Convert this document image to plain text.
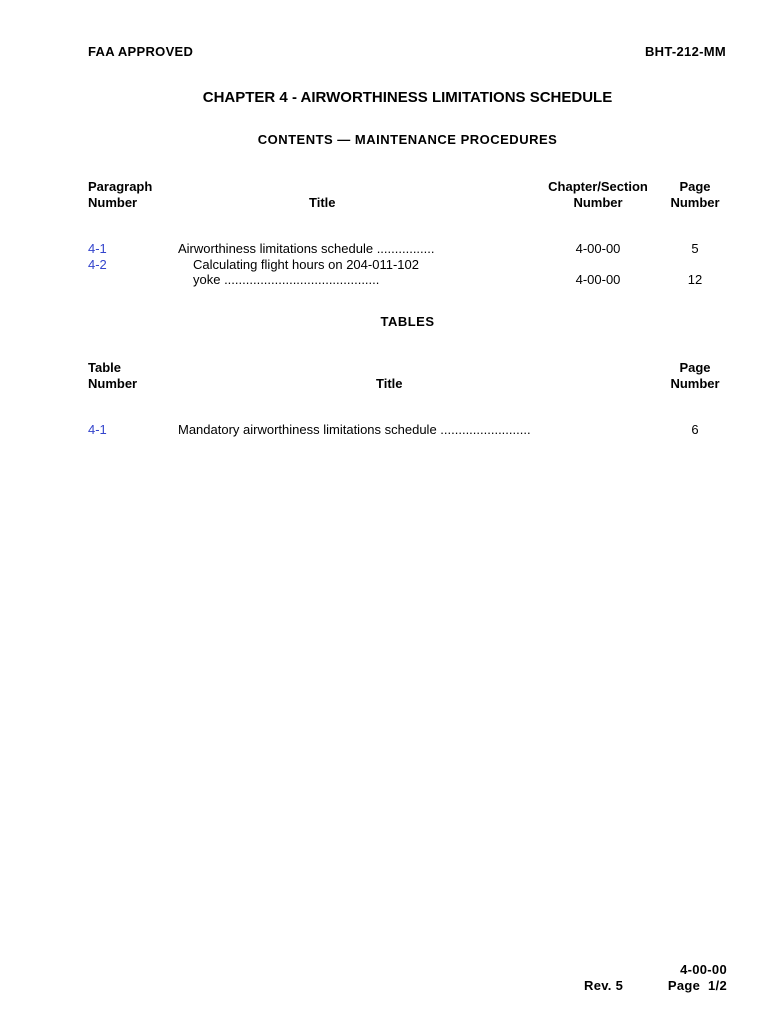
FAA APPROVED	BHT-212-MM
CHAPTER 4 - AIRWORTHINESS LIMITATIONS SCHEDULE
CONTENTS — MAINTENANCE PROCEDURES
Paragraph
Number	Title
Chapter/Section
Number
Page
Number
4-1	Airworthiness limitations schedule ................	4-00-00	5
4-2	Calculating flight hours on 204-011-102
yoke ...........................................	4-00-00	12
TABLES
Table
Number	Title
Page
Number
4-1	Mandatory airworthiness limitations schedule .........................	6
4-00-00
Rev. 5	Page  1/2
